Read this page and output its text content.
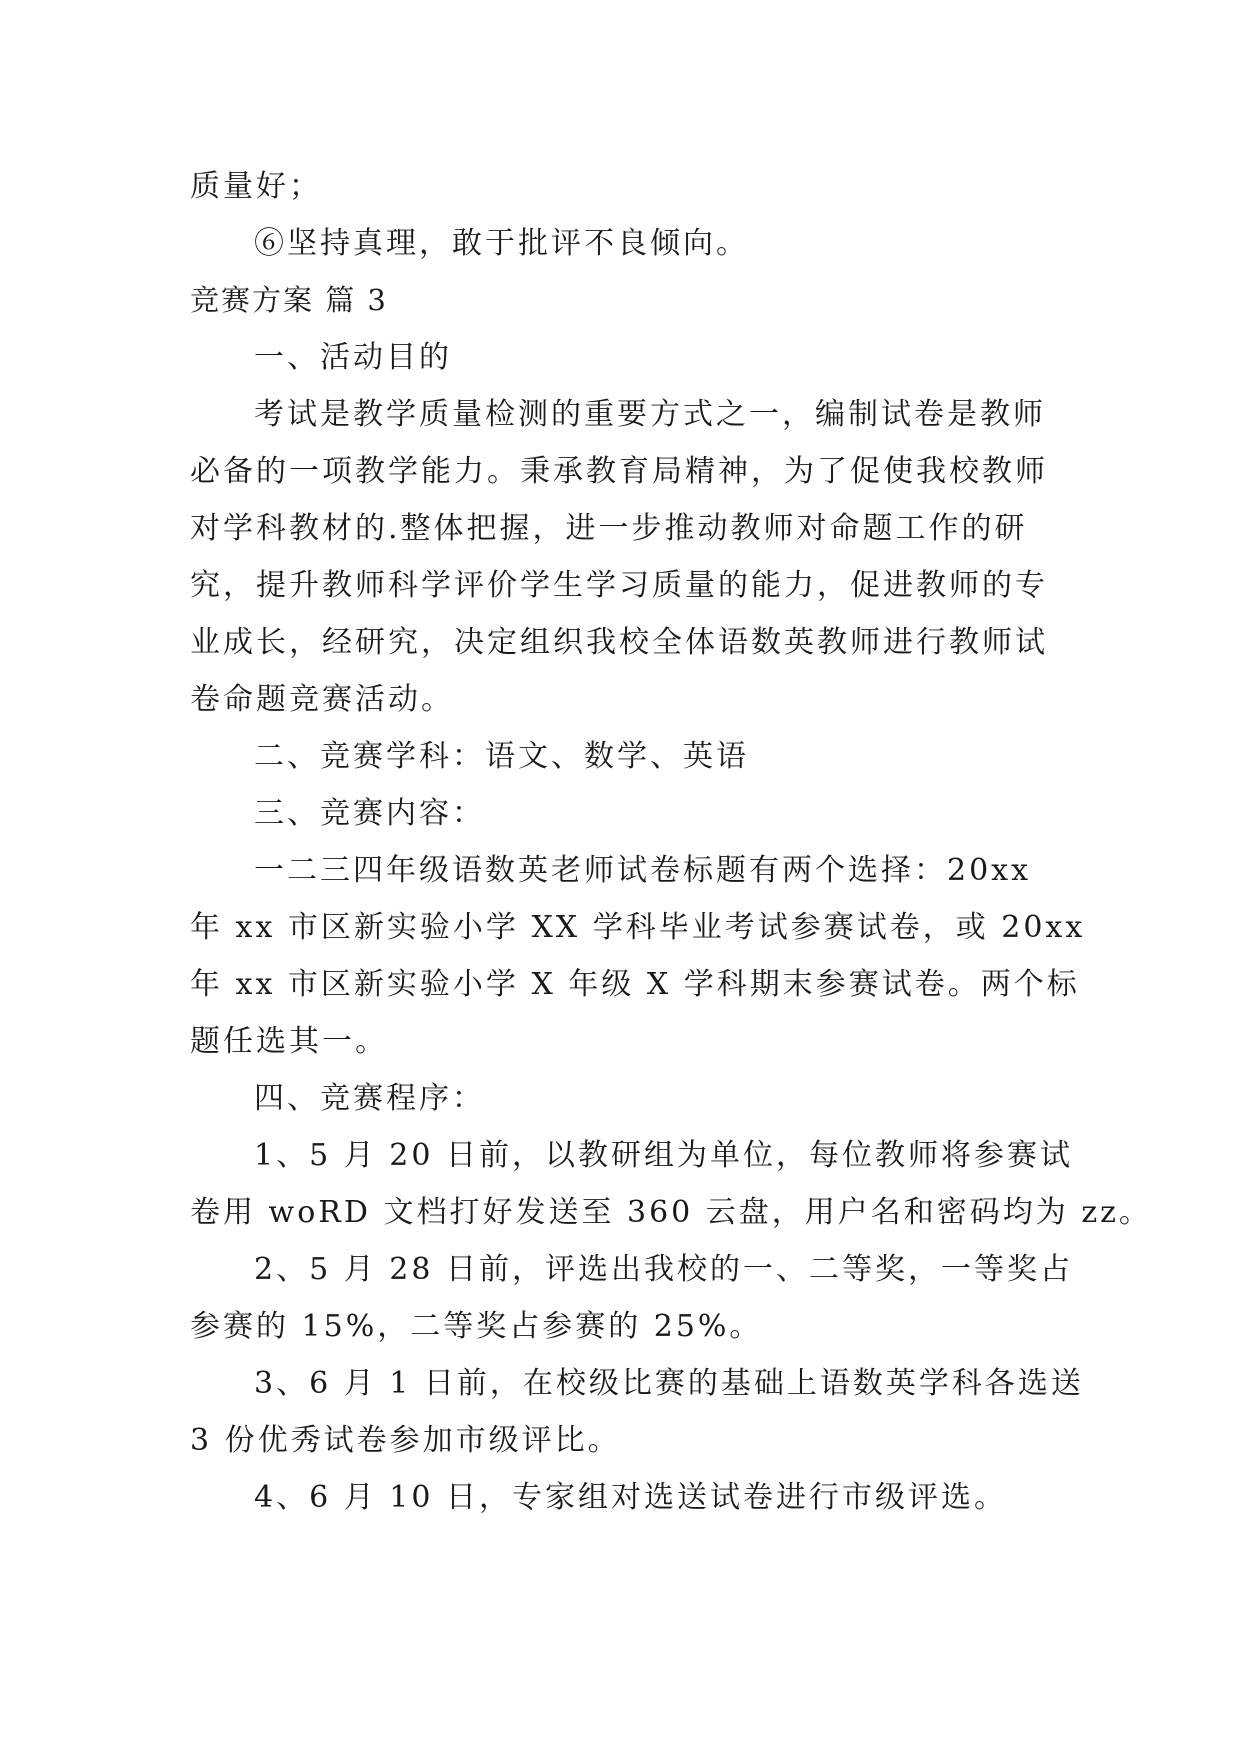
质量好；
⑥坚持真理，敢于批评不良倾向。
竞赛方案 篇 3
一、活动目的
考试是教学质量检测的重要方式之一，编制试卷是教师
必备的一项教学能力。秉承教育局精神，为了促使我校教师
对学科教材的.整体把握，进一步推动教师对命题工作的研
究，提升教师科学评价学生学习质量的能力，促进教师的专
业成长，经研究，决定组织我校全体语数英教师进行教师试
卷命题竞赛活动。
二、竞赛学科：语文、数学、英语
三、竞赛内容：
一二三四年级语数英老师试卷标题有两个选择：20xx
年 xx 市区新实验小学 XX 学科毕业考试参赛试卷，或 20xx
年 xx 市区新实验小学 X 年级 X 学科期末参赛试卷。两个标
题任选其一。
四、竞赛程序：
1、5 月 20 日前，以教研组为单位，每位教师将参赛试
卷用 woRD 文档打好发送至 360 云盘，用户名和密码均为 zz。
2、5 月 28 日前，评选出我校的一、二等奖，一等奖占
参赛的 15%，二等奖占参赛的 25%。
3、6 月 1 日前，在校级比赛的基础上语数英学科各选送
3 份优秀试卷参加市级评比。
4、6 月 10 日，专家组对选送试卷进行市级评选。
